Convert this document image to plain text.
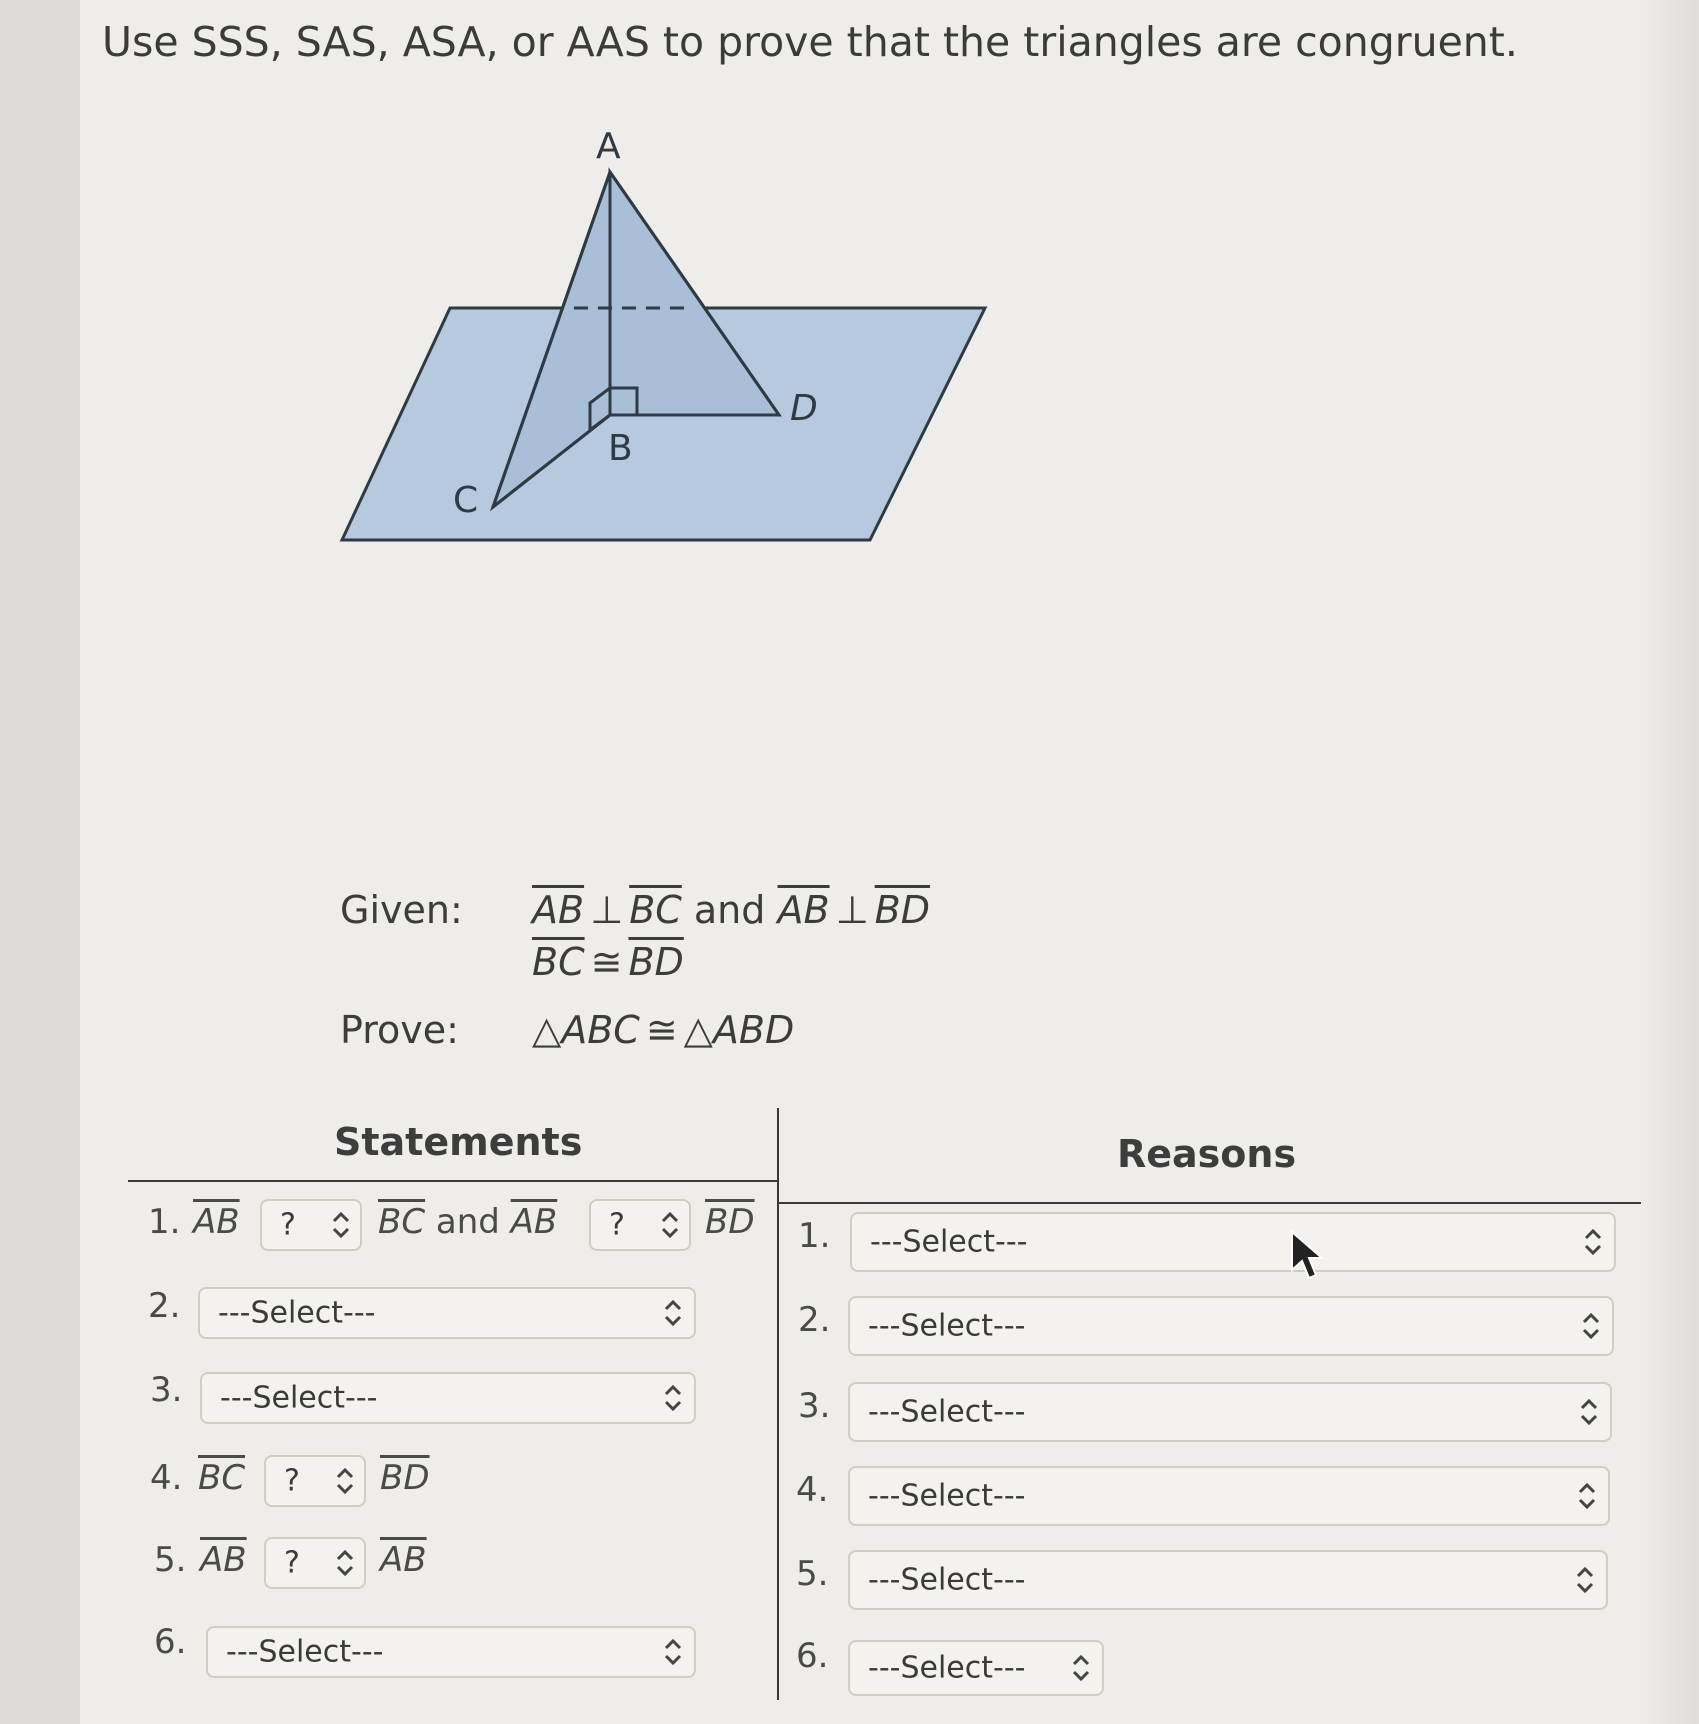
Use SSS, SAS, ASA, or AAS to prove that the triangles are congruent.
A
B
C
D
Given: $\overline{AB}$ ⊥ $\overline{BC}$ and $\overline{AB}$ ⊥ $\overline{BD}$
$\overline{BC}$ ≅ $\overline{BD}$
Prove: △ABC ≅ △ABD
Statements	Reasons
1. $\overline{AB}$ ? $\overline{BC}$ and $\overline{AB}$ ? $\overline{BD}$
2. ---Select---
3. ---Select---
4. $\overline{BC}$ ? $\overline{BD}$
5. $\overline{AB}$ ? $\overline{AB}$
6. ---Select---
1. ---Select---
2. ---Select---
3. ---Select---
4. ---Select---
5. ---Select---
6. ---Select---
